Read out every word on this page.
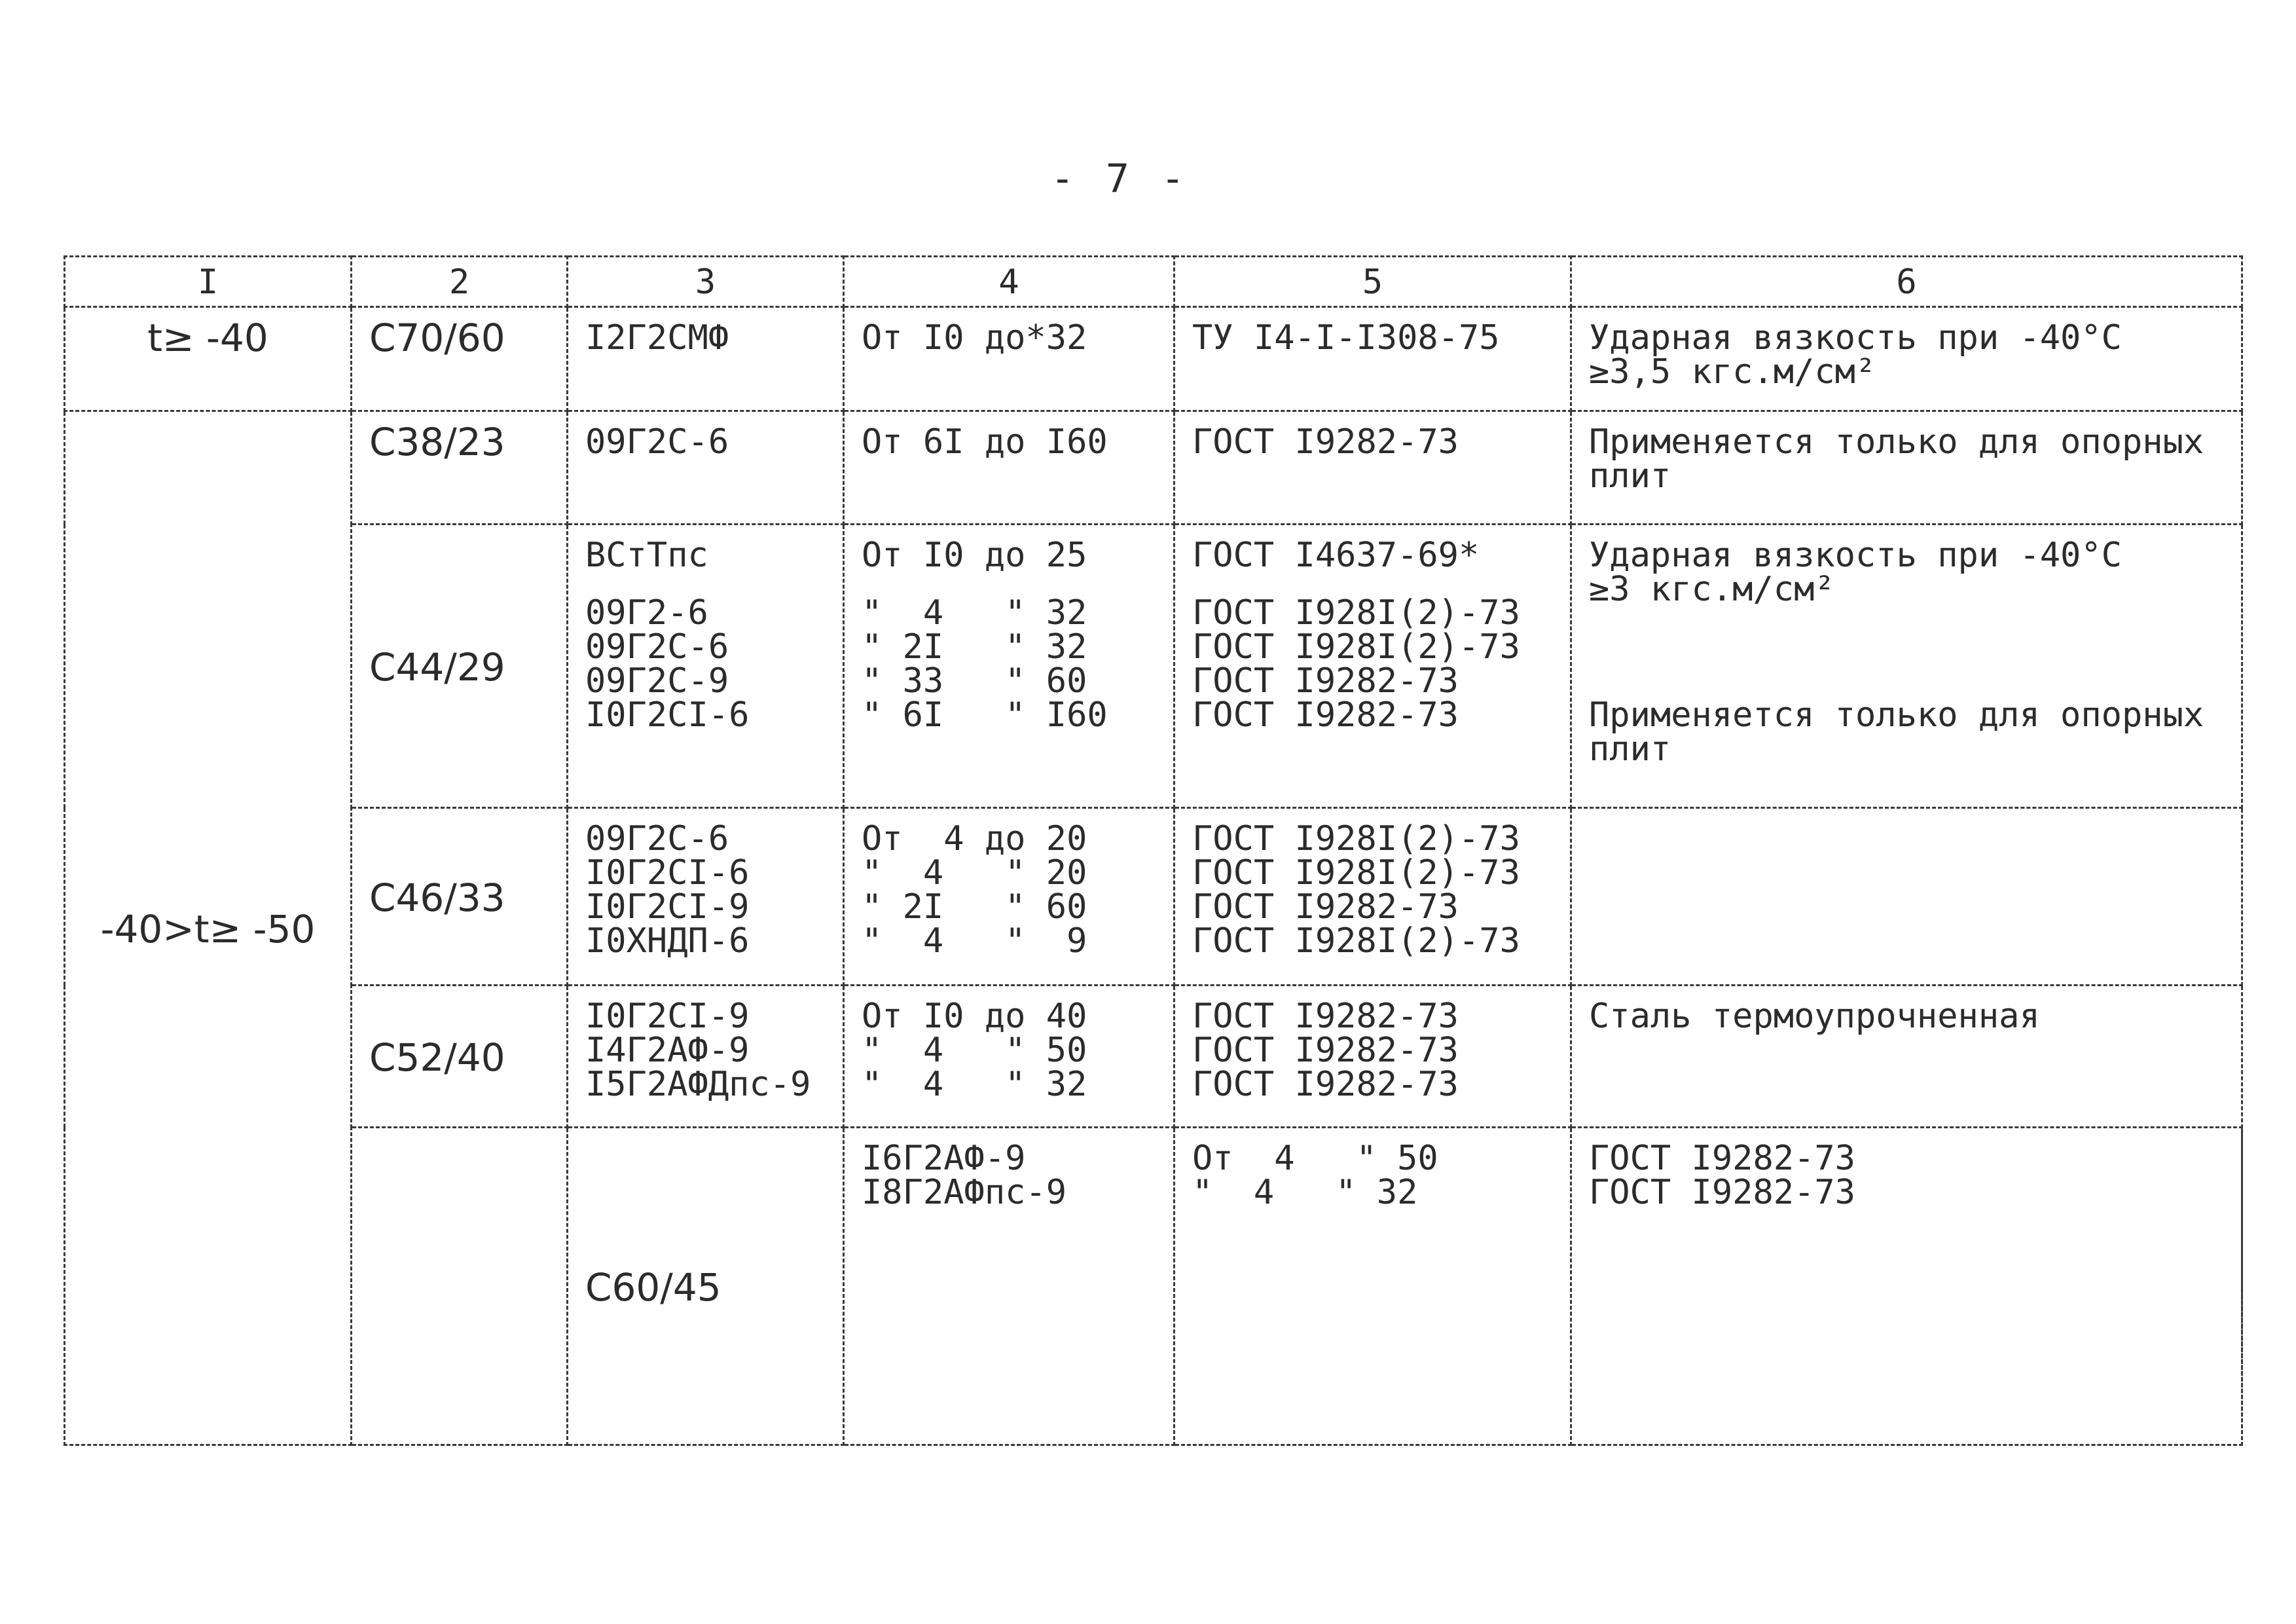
- 7 -
I	2	3	4	5	6	
t≥ -40	C70/60	I2Г2СМФ	От I0 до*32	ТУ I4-I-I308-75	Ударная вязкость при -40°С
≥3,5 кгс.м/см²	

-40>t≥ -50	С38/23	09Г2С-6	От 6I до I60	ГОСТ I9282-73	Применяется только для опорных
плит	

	С44/29	ВСтТпс
09Г2-6
09Г2С-6
09Г2С-9
I0Г2СI-6	От I0 до 25
"  4   " 32
" 2I   " 32
" 33   " 60
" 6I   " I60	ГОСТ I4637-69*
ГОСТ I928I(2)-73
ГОСТ I928I(2)-73
ГОСТ I9282-73
ГОСТ I9282-73	Ударная вязкость при -40°С
≥3 кгс.м/см²
Применяется только для опорных
плит	

	С46/33	09Г2С-6
I0Г2СI-6
I0Г2СI-9
I0ХНДП-6	От  4 до 20
"  4   " 20
" 2I   " 60
"  4   "  9	ГОСТ I928I(2)-73
ГОСТ I928I(2)-73
ГОСТ I9282-73
ГОСТ I928I(2)-73		

	С52/40	I0Г2СI-9
I4Г2АФ-9
I5Г2АФДпс-9	От I0 до 40
"  4   " 50
"  4   " 32	ГОСТ I9282-73
ГОСТ I9282-73
ГОСТ I9282-73	Сталь термоупрочненная	

		С60/45	I6Г2АФ-9
I8Г2АФпс-9	От  4   " 50
"  4   " 32	ГОСТ I9282-73
ГОСТ I9282-73
